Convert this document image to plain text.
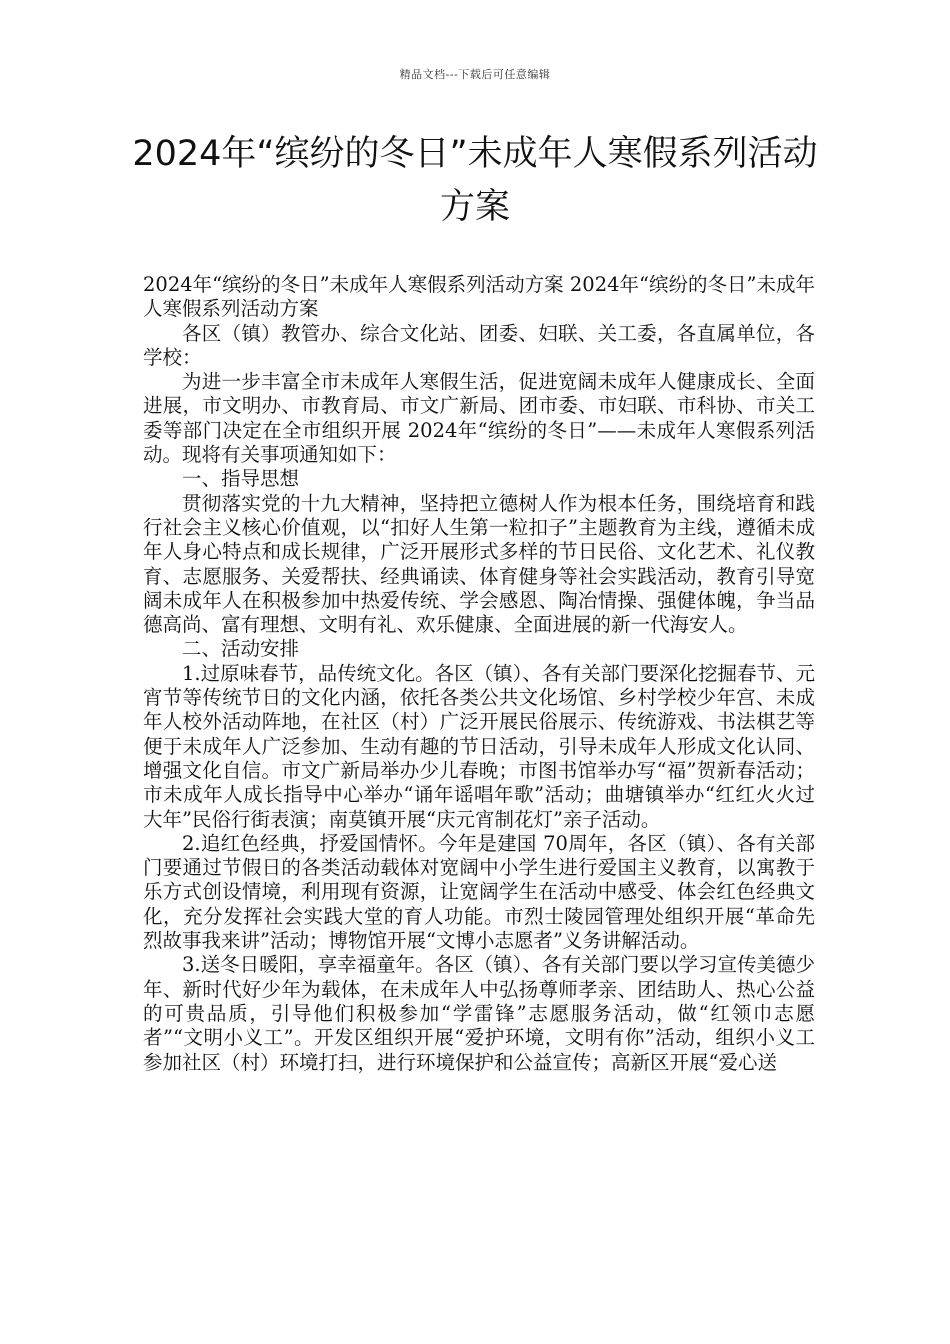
精品文档---下载后可任意编辑
2024年“缤纷的冬日”未成年人寒假系列活动方案

2024年“缤纷的冬日”未成年人寒假系列活动方案 2024年“缤纷的冬日”未成年人寒假系列活动方案

各区（镇）教管办、综合文化站、团委、妇联、关工委，各直属单位，各学校：

为进一步丰富全市未成年人寒假生活，促进宽阔未成年人健康成长、全面进展，市文明办、市教育局、市文广新局、团市委、市妇联、市科协、市关工委等部门决定在全市组织开展 2024年“缤纷的冬日”——未成年人寒假系列活动。现将有关事项通知如下：

一、指导思想

贯彻落实党的十九大精神，坚持把立德树人作为根本任务，围绕培育和践行社会主义核心价值观，以“扣好人生第一粒扣子”主题教育为主线，遵循未成年人身心特点和成长规律，广泛开展形式多样的节日民俗、文化艺术、礼仪教育、志愿服务、关爱帮扶、经典诵读、体育健身等社会实践活动，教育引导宽阔未成年人在积极参加中热爱传统、学会感恩、陶冶情操、强健体魄，争当品德高尚、富有理想、文明有礼、欢乐健康、全面进展的新一代海安人。

二、活动安排

1.过原味春节，品传统文化。各区（镇）、各有关部门要深化挖掘春节、元宵节等传统节日的文化内涵，依托各类公共文化场馆、乡村学校少年宫、未成年人校外活动阵地，在社区（村）广泛开展民俗展示、传统游戏、书法棋艺等便于未成年人广泛参加、生动有趣的节日活动，引导未成年人形成文化认同、增强文化自信。市文广新局举办少儿春晚；市图书馆举办写“福”贺新春活动；市未成年人成长指导中心举办“诵年谣唱年歌”活动；曲塘镇举办“红红火火过大年”民俗行街表演；南莫镇开展“庆元宵制花灯”亲子活动。

2.追红色经典，抒爱国情怀。今年是建国 70周年，各区（镇）、各有关部门要通过节假日的各类活动载体对宽阔中小学生进行爱国主义教育，以寓教于乐方式创设情境，利用现有资源，让宽阔学生在活动中感受、体会红色经典文化，充分发挥社会实践大堂的育人功能。市烈士陵园管理处组织开展“革命先烈故事我来讲”活动；博物馆开展“文博小志愿者”义务讲解活动。

3.送冬日暖阳，享幸福童年。各区（镇）、各有关部门要以学习宣传美德少年、新时代好少年为载体，在未成年人中弘扬尊师孝亲、团结助人、热心公益的可贵品质，引导他们积极参加“学雷锋”志愿服务活动，做“红领巾志愿者”“文明小义工”。开发区组织开展“爱护环境，文明有你”活动，组织小义工参加社区（村）环境打扫，进行环境保护和公益宣传；高新区开展“爱心送
